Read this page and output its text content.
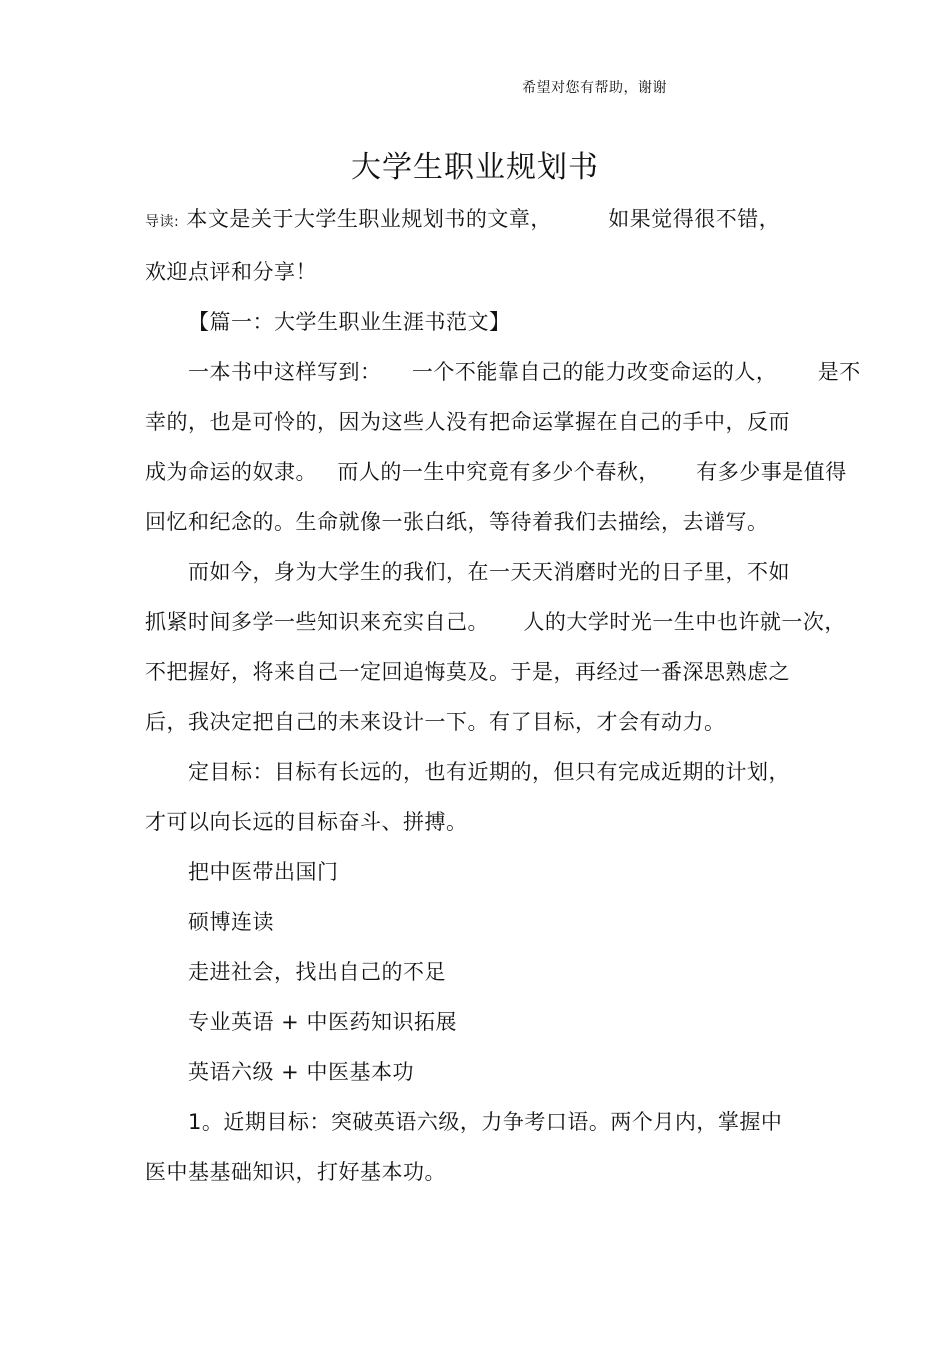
希望对您有帮助，谢谢
大学生职业规划书
导读: 本文是关于大学生职业规划书的文章，	如果觉得很不错，
欢迎点评和分享！
【篇一：大学生职业生涯书范文】
一本书中这样写到： 一个不能靠自己的能力改变命运的人， 是不
幸的，也是可怜的，因为这些人没有把命运掌握在自己的手中，反而
成为命运的奴隶。 而人的一生中究竟有多少个春秋， 有多少事是值得
回忆和纪念的。生命就像一张白纸，等待着我们去描绘，去谱写。
而如今，身为大学生的我们，在一天天消磨时光的日子里，不如
抓紧时间多学一些知识来充实自己。 人的大学时光一生中也许就一次，
不把握好，将来自己一定回追悔莫及。于是，再经过一番深思熟虑之
后，我决定把自己的未来设计一下。有了目标，才会有动力。
定目标：目标有长远的，也有近期的，但只有完成近期的计划，
才可以向长远的目标奋斗、拼搏。
把中医带出国门
硕博连读
走进社会，找出自己的不足
专业英语 + 中医药知识拓展
英语六级 + 中医基本功
1。近期目标：突破英语六级，力争考口语。两个月内，掌握中
医中基基础知识，打好基本功。
